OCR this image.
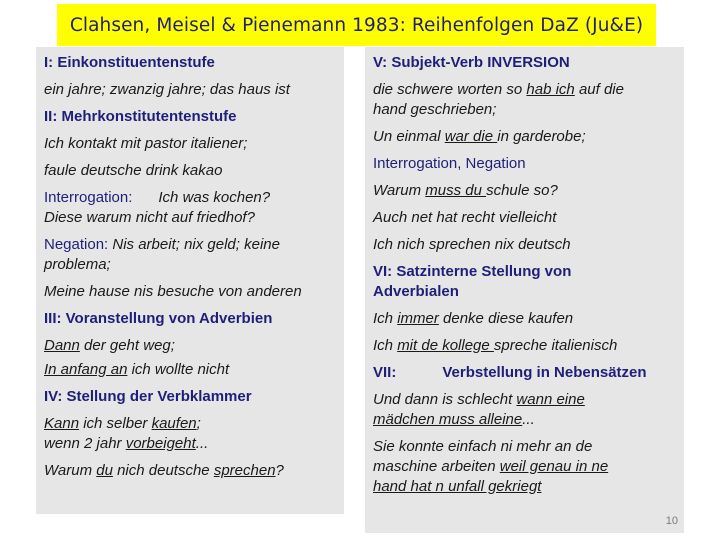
Clahsen, Meisel & Pienemann 1983: Reihenfolgen DaZ (Ju&E)
I: Einkonstituentenstufe
ein jahre; zwanzig jahre; das haus ist
II: Mehrkonstitutentenstufe
Ich kontakt mit pastor italiener;
faule deutsche drink kakao
Interrogation: Ich was kochen?
Diese warum nicht auf friedhof?
Negation: Nis arbeit; nix geld; keine
problema;
Meine hause nis besuche von anderen
III: Voranstellung von Adverbien
Dann der geht weg;
In anfang an ich wollte nicht
IV: Stellung der Verbklammer
Kann ich selber kaufen;
wenn 2 jahr vorbeigeht...
Warum du nich deutsche sprechen?
V: Subjekt-Verb INVERSION
die schwere worten so hab ich auf die
hand geschrieben;
Un einmal war die in garderobe;
Interrogation, Negation
Warum muss du schule so?
Auch net hat recht vielleicht
Ich nich sprechen nix deutsch
VI: Satzinterne Stellung von
Adverbialen
Ich immer denke diese kaufen
Ich mit de kollege spreche italienisch
VII:	Verbstellung in Nebensätzen
Und dann is schlecht wann eine
mädchen muss alleine...
Sie konnte einfach ni mehr an de
maschine arbeiten weil genau in ne
hand hat n unfall gekriegt
10
